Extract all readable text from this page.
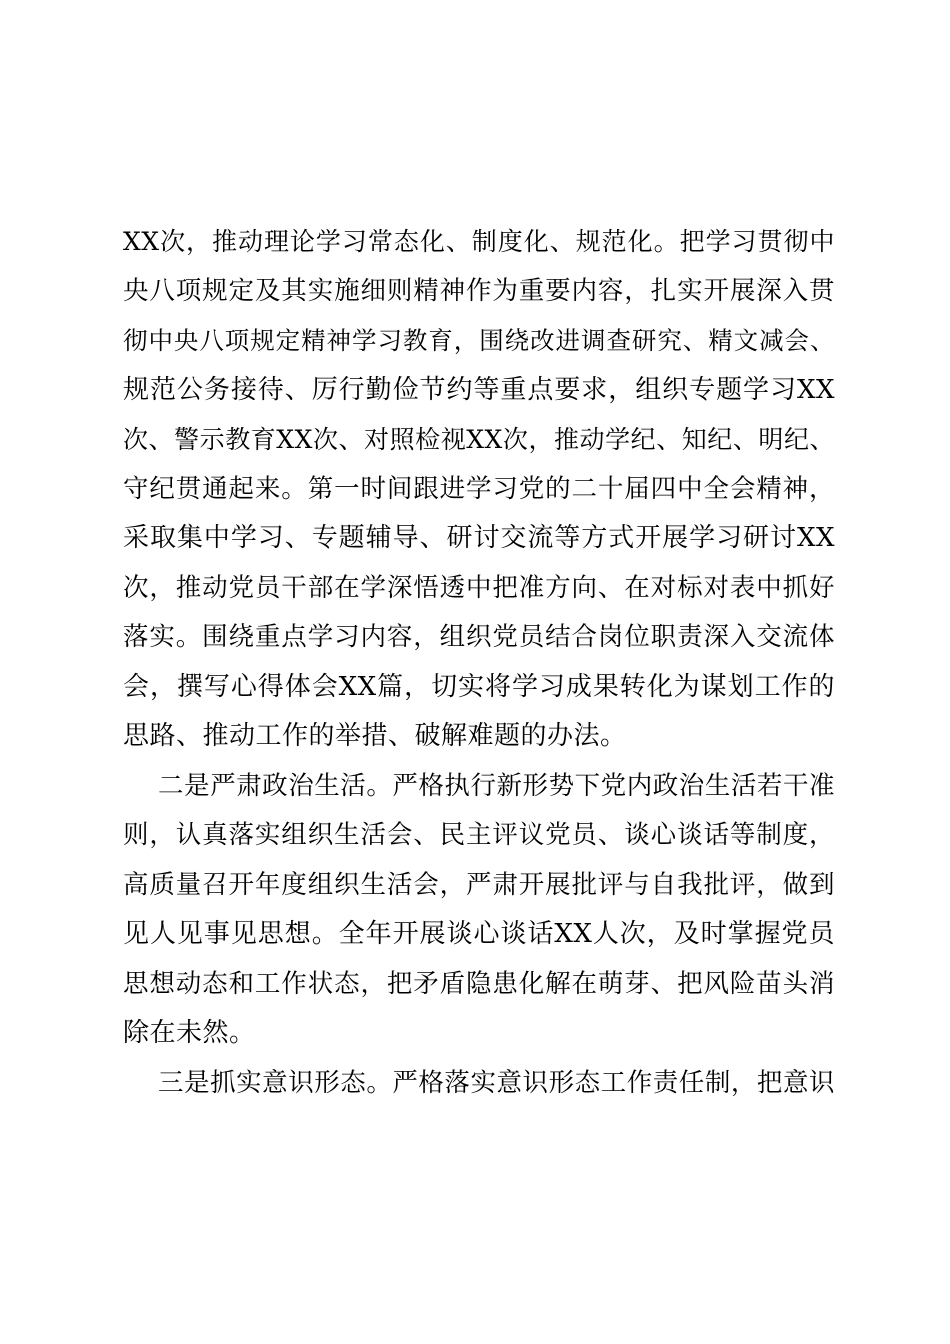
XX次，推动理论学习常态化、制度化、规范化。把学习贯彻中
央八项规定及其实施细则精神作为重要内容，扎实开展深入贯
彻中央八项规定精神学习教育，围绕改进调查研究、精文减会、
规范公务接待、厉行勤俭节约等重点要求，组织专题学习XX
次、警示教育XX次、对照检视XX次，推动学纪、知纪、明纪、
守纪贯通起来。第一时间跟进学习党的二十届四中全会精神，
采取集中学习、专题辅导、研讨交流等方式开展学习研讨XX
次，推动党员干部在学深悟透中把准方向、在对标对表中抓好
落实。围绕重点学习内容，组织党员结合岗位职责深入交流体
会，撰写心得体会XX篇，切实将学习成果转化为谋划工作的
思路、推动工作的举措、破解难题的办法。
二是严肃政治生活。严格执行新形势下党内政治生活若干准
则，认真落实组织生活会、民主评议党员、谈心谈话等制度，
高质量召开年度组织生活会，严肃开展批评与自我批评，做到
见人见事见思想。全年开展谈心谈话XX人次，及时掌握党员
思想动态和工作状态，把矛盾隐患化解在萌芽、把风险苗头消
除在未然。
三是抓实意识形态。严格落实意识形态工作责任制，把意识
